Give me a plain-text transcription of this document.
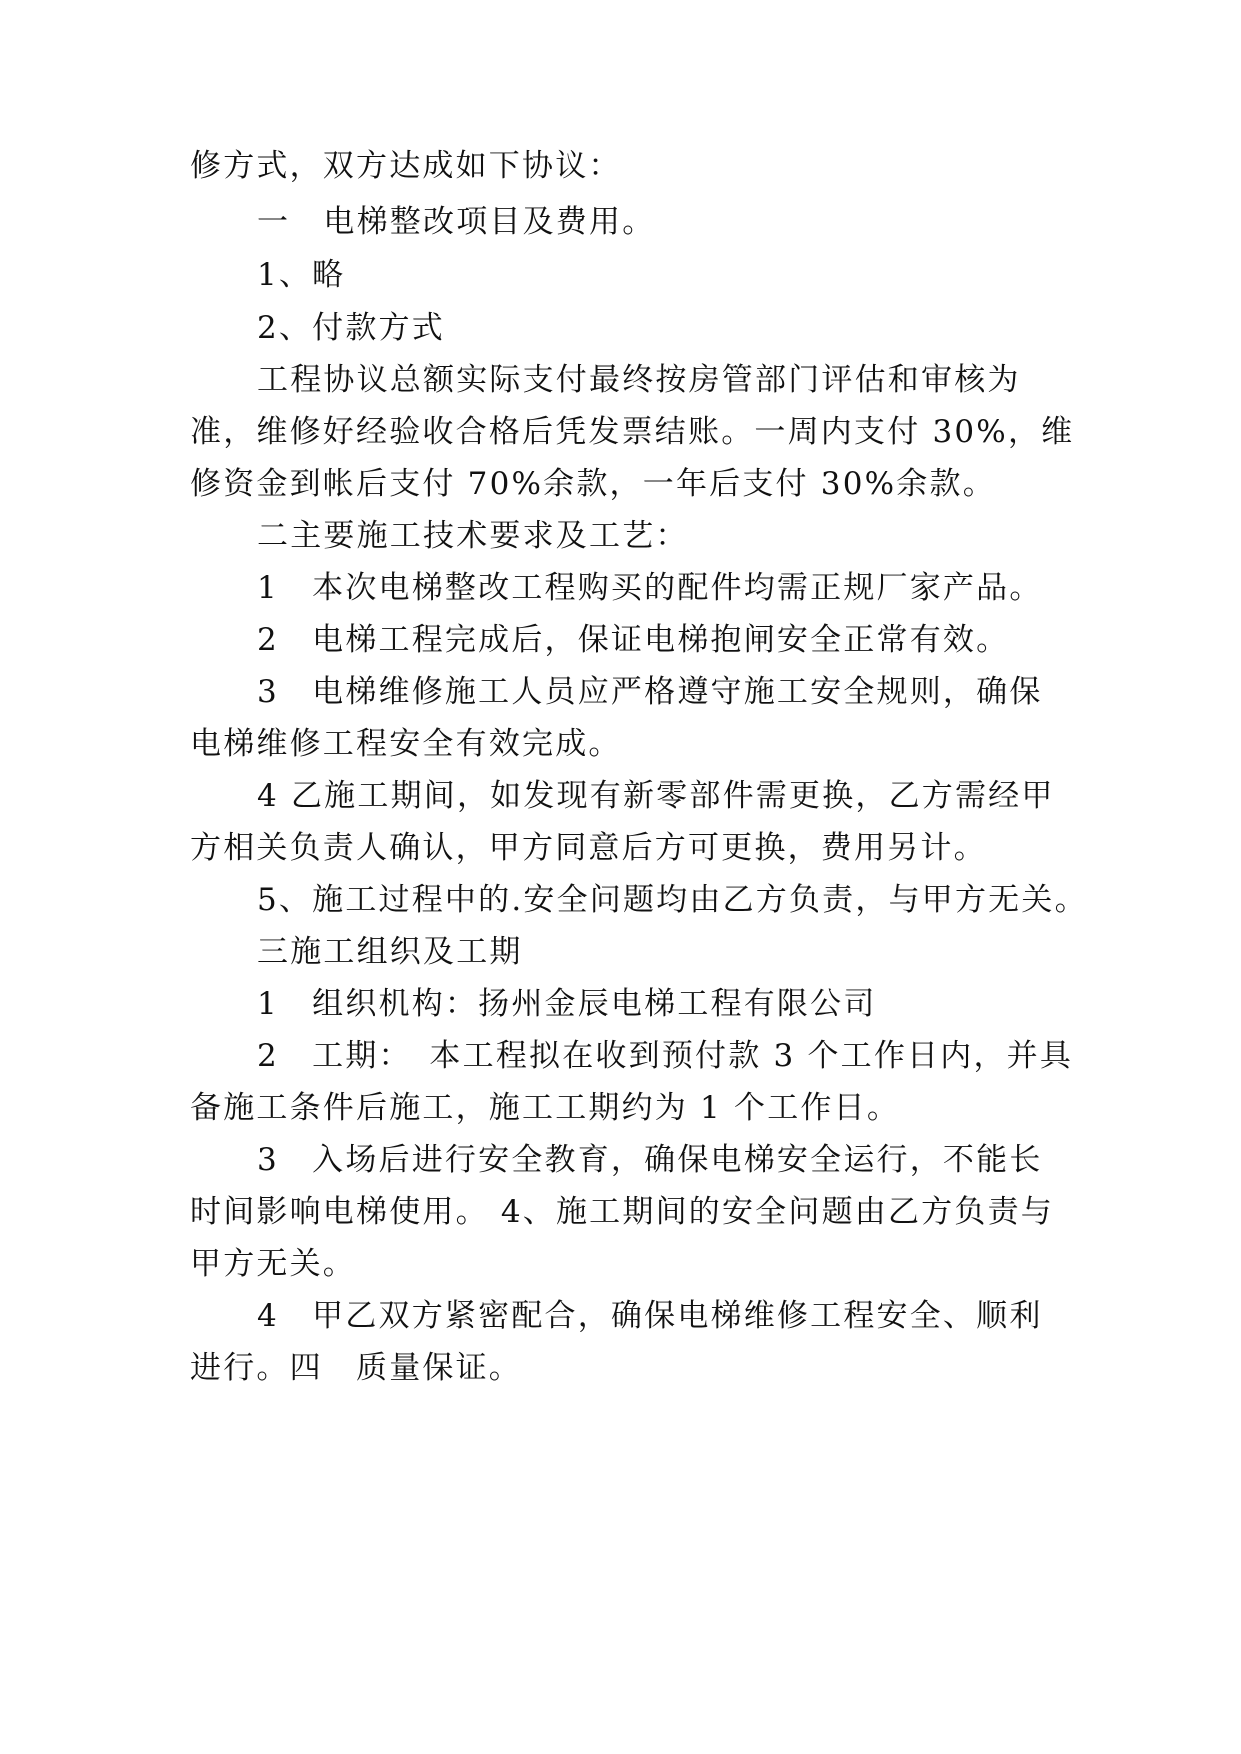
修方式，双方达成如下协议：
一　电梯整改项目及费用。
1、略
2、付款方式
工程协议总额实际支付最终按房管部门评估和审核为
准，维修好经验收合格后凭发票结账。一周内支付 30%，维
修资金到帐后支付 70%余款，一年后支付 30%余款。
二主要施工技术要求及工艺：
1　本次电梯整改工程购买的配件均需正规厂家产品。
2　电梯工程完成后，保证电梯抱闸安全正常有效。
3　电梯维修施工人员应严格遵守施工安全规则，确保
电梯维修工程安全有效完成。
4 乙施工期间，如发现有新零部件需更换，乙方需经甲
方相关负责人确认，甲方同意后方可更换，费用另计。
5、施工过程中的.安全问题均由乙方负责，与甲方无关。
三施工组织及工期
1　组织机构：扬州金辰电梯工程有限公司
2　工期：　本工程拟在收到预付款 3 个工作日内，并具
备施工条件后施工，施工工期约为 1 个工作日。
3　入场后进行安全教育，确保电梯安全运行，不能长
时间影响电梯使用。 4、施工期间的安全问题由乙方负责与
甲方无关。
4　甲乙双方紧密配合，确保电梯维修工程安全、顺利
进行。四　质量保证。
